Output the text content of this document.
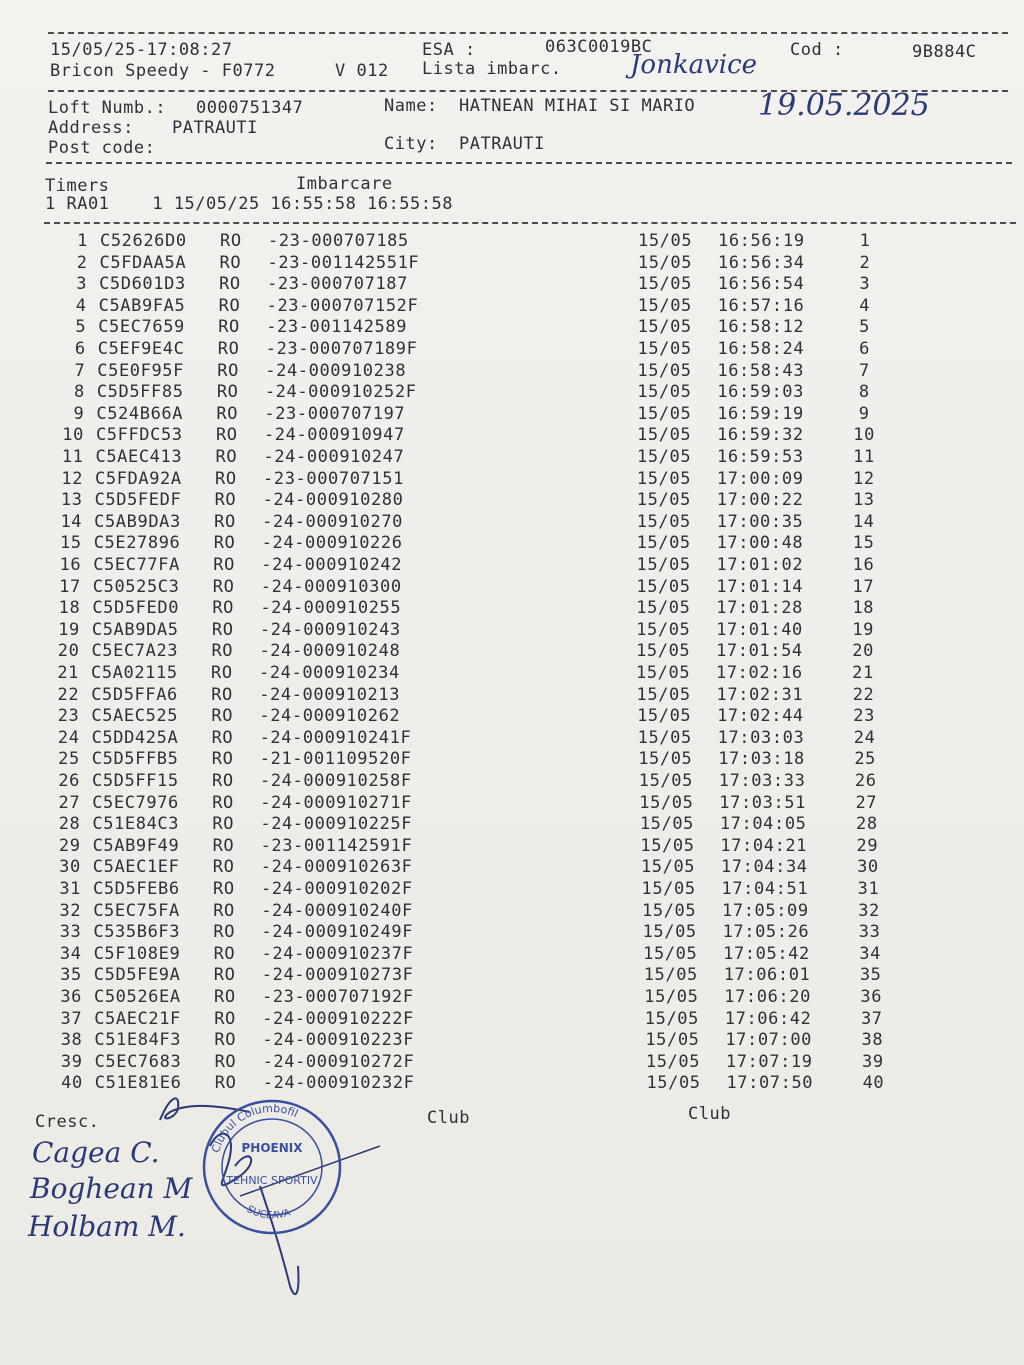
15/05/25-17:08:27	ESA :	063C0019BC	Cod :	9B884C
Bricon Speedy - F0772	V 012 Lista imbarc.	Jonkavice
Loft Numb.: 0000751347	Name: HATNEAN MIHAI SI MARIO 19.05.2025
Address: PATRAUTI
Post code:	City: PATRAUTI
Timers	Imbarcare
1 RA01    1 15/05/25 16:55:58 16:55:58
1 C52626D0 RO -23-000707185	15/05 16:56:19	1
2 C5FDAA5A RO -23-001142551F	15/05 16:56:34	2
3 C5D601D3 RO -23-000707187	15/05 16:56:54	3
4 C5AB9FA5 RO -23-000707152F	15/05 16:57:16	4
5 C5EC7659 RO -23-001142589	15/05 16:58:12	5
6 C5EF9E4C RO -23-000707189F	15/05 16:58:24	6
7 C5E0F95F RO -24-000910238	15/05 16:58:43	7
8 C5D5FF85 RO -24-000910252F	15/05 16:59:03	8
9 C524B66A RO -23-000707197	15/05 16:59:19	9
10 C5FFDC53 RO -24-000910947	15/05 16:59:32	10
11 C5AEC413 RO -24-000910247	15/05 16:59:53	11
12 C5FDA92A RO -23-000707151	15/05 17:00:09	12
13 C5D5FEDF RO -24-000910280	15/05 17:00:22	13
14 C5AB9DA3 RO -24-000910270	15/05 17:00:35	14
15 C5E27896 RO -24-000910226	15/05 17:00:48	15
16 C5EC77FA RO -24-000910242	15/05 17:01:02	16
17 C50525C3 RO -24-000910300	15/05 17:01:14	17
18 C5D5FED0 RO -24-000910255	15/05 17:01:28	18
19 C5AB9DA5 RO -24-000910243	15/05 17:01:40	19
20 C5EC7A23 RO -24-000910248	15/05 17:01:54	20
21 C5A02115 RO -24-000910234	15/05 17:02:16	21
22 C5D5FFA6 RO -24-000910213	15/05 17:02:31	22
23 C5AEC525 RO -24-000910262	15/05 17:02:44	23
24 C5DD425A RO -24-000910241F	15/05 17:03:03	24
25 C5D5FFB5 RO -21-001109520F	15/05 17:03:18	25
26 C5D5FF15 RO -24-000910258F	15/05 17:03:33	26
27 C5EC7976 RO -24-000910271F	15/05 17:03:51	27
28 C51E84C3 RO -24-000910225F	15/05 17:04:05	28
29 C5AB9F49 RO -23-001142591F	15/05 17:04:21	29
30 C5AEC1EF RO -24-000910263F	15/05 17:04:34	30
31 C5D5FEB6 RO -24-000910202F	15/05 17:04:51	31
32 C5EC75FA RO -24-000910240F	15/05 17:05:09	32
33 C535B6F3 RO -24-000910249F	15/05 17:05:26	33
34 C5F108E9 RO -24-000910237F	15/05 17:05:42	34
35 C5D5FE9A RO -24-000910273F	15/05 17:06:01	35
36 C50526EA RO -23-000707192F	15/05 17:06:20	36
37 C5AEC21F RO -24-000910222F	15/05 17:06:42	37
38 C51E84F3 RO -24-000910223F	15/05 17:07:00	38
39 C5EC7683 RO -24-000910272F	15/05 17:07:19	39
40 C51E81E6 RO -24-000910232F	15/05 17:07:50	40
Cresc.	Club	Club
Cagea C.
Boghean M
Holbam M.
Clubul Columbofil
PHOENIX
TEHNIC SPORTIV
SUCEAVA
